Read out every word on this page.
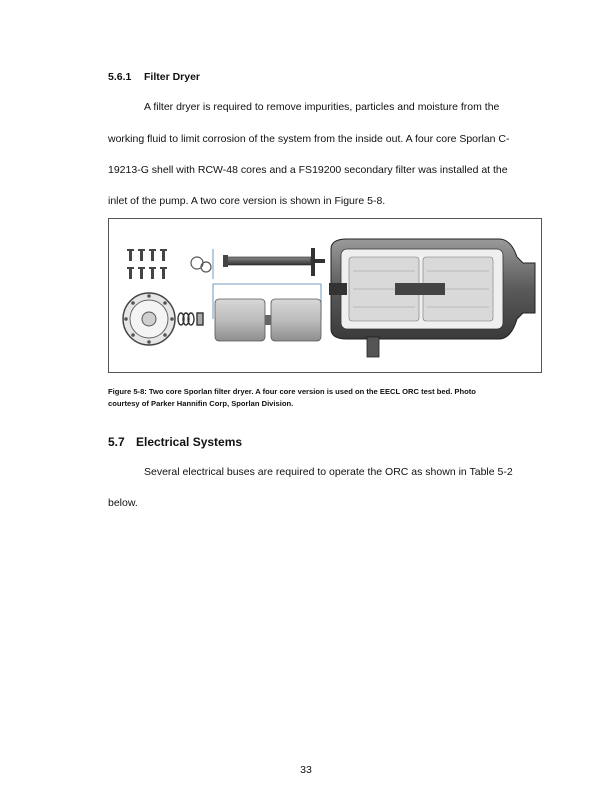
5.6.1 Filter Dryer

A filter dryer is required to remove impurities, particles and moisture from the

working fluid to limit corrosion of the system from the inside out. A four core Sporlan C-

19213-G shell with RCW-48 cores and a FS19200 secondary filter was installed at the

inlet of the pump. A two core version is shown in Figure 5-8.

Figure 5-8: Two core Sporlan filter dryer. A four core version is used on the EECL ORC test bed. Photo
courtesy of Parker Hannifin Corp, Sporlan Division.

5.7 Electrical Systems

Several electrical buses are required to operate the ORC as shown in Table 5-2

below.

33
